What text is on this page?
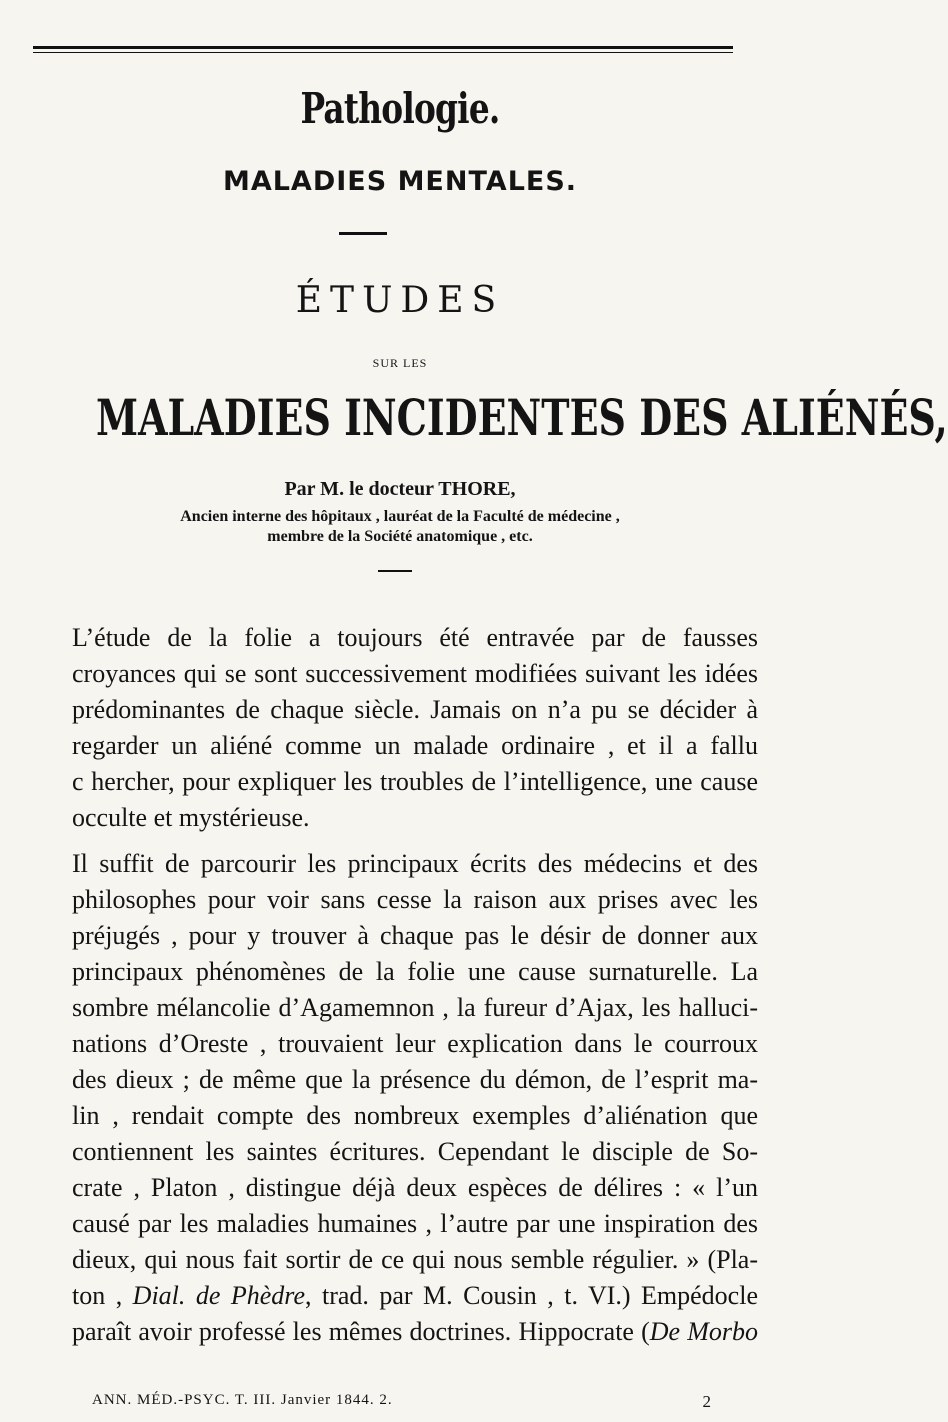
Pathologie.
MALADIES MENTALES.
ÉTUDES
SUR LES
MALADIES INCIDENTES DES ALIÉNÉS,
Par M. le docteur THORE,
Ancien interne des hôpitaux , lauréat de la Faculté de médecine ,
membre de la Société anatomique , etc.

L’étude de la folie a toujours été entravée par de fausses
croyances qui se sont successivement modifiées suivant les idées
prédominantes de chaque siècle. Jamais on n’a pu se décider à
regarder un aliéné comme un malade ordinaire , et il a fallu
c hercher, pour expliquer les troubles de l’intelligence, une cause
occulte et mystérieuse.

Il suffit de parcourir les principaux écrits des médecins et des
philosophes pour voir sans cesse la raison aux prises avec les
préjugés , pour y trouver à chaque pas le désir de donner aux
principaux phénomènes de la folie une cause surnaturelle. La
sombre mélancolie d’Agamemnon , la fureur d’Ajax, les halluci-
nations d’Oreste , trouvaient leur explication dans le courroux
des dieux ; de même que la présence du démon, de l’esprit ma-
lin , rendait compte des nombreux exemples d’aliénation que
contiennent les saintes écritures. Cependant le disciple de So-
crate , Platon , distingue déjà deux espèces de délires : « l’un
causé par les maladies humaines , l’autre par une inspiration des
dieux, qui nous fait sortir de ce qui nous semble régulier. » (Pla-
ton , Dial. de Phèdre, trad. par M. Cousin , t. VI.) Empédocle
paraît avoir professé les mêmes doctrines. Hippocrate (De Morbo

ANN. MÉD.-PSYC. T. III. Janvier 1844. 2.	2
